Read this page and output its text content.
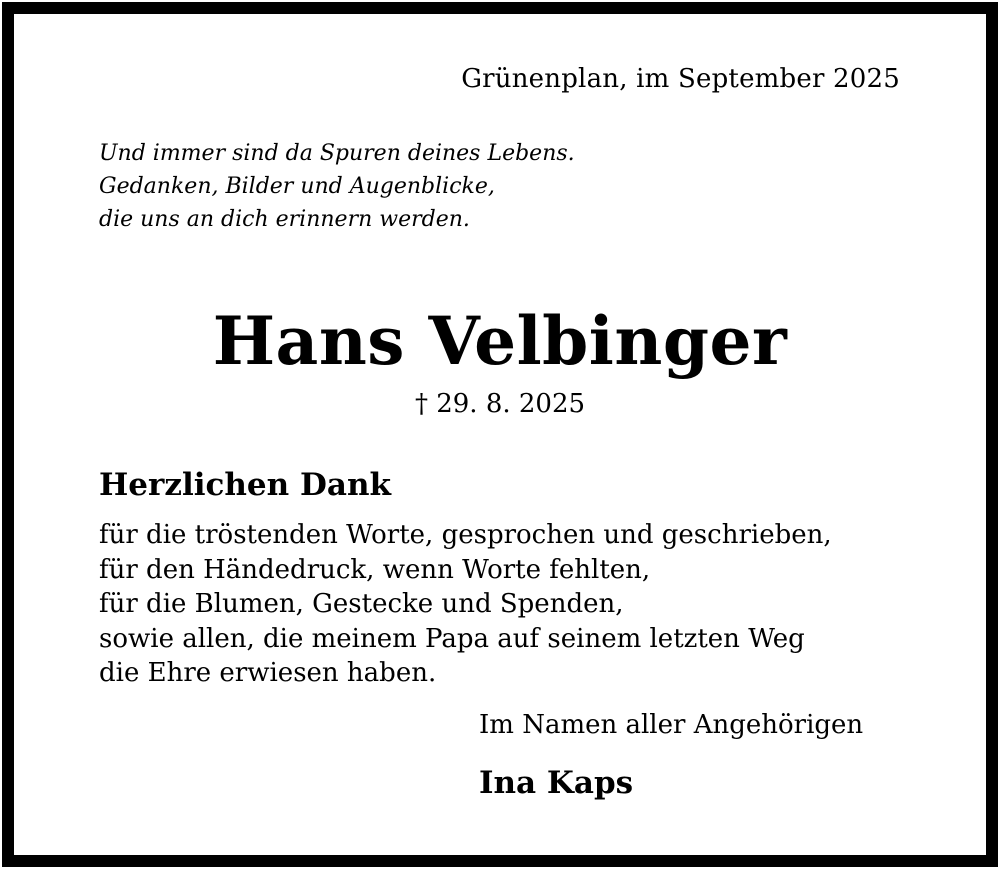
Grünenplan, im September 2025
Und immer sind da Spuren deines Lebens.
Gedanken, Bilder und Augenblicke,
die uns an dich erinnern werden.
Hans Velbinger
† 29. 8. 2025
Herzlichen Dank
für die tröstenden Worte, gesprochen und geschrieben,
für den Händedruck, wenn Worte fehlten,
für die Blumen, Gestecke und Spenden,
sowie allen, die meinem Papa auf seinem letzten Weg
die Ehre erwiesen haben.
Im Namen aller Angehörigen
Ina Kaps
